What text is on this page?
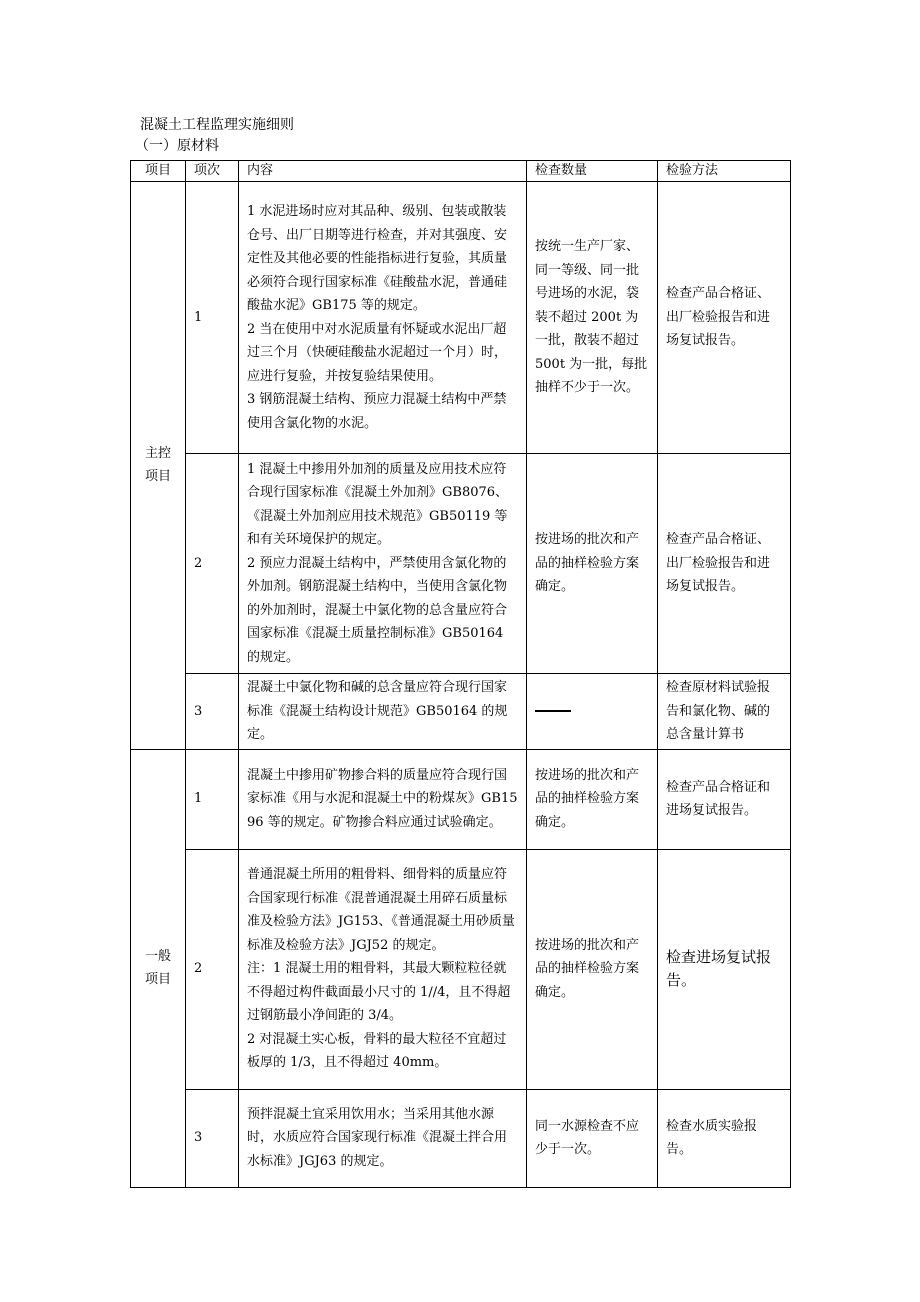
混凝土工程监理实施细则
（一）原材料
项目	项次	内容	检查数量	检验方法
主控
项目	1	1 水泥进场时应对其品种、级别、包装或散装仓号、出厂日期等进行检查，并对其强度、安定性及其他必要的性能指标进行复验，其质量必须符合现行国家标准《硅酸盐水泥，普通硅酸盐水泥》GB175 等的规定。
2 当在使用中对水泥质量有怀疑或水泥出厂超过三个月（快硬硅酸盐水泥超过一个月）时，应进行复验，并按复验结果使用。
3 钢筋混凝土结构、预应力混凝土结构中严禁使用含氯化物的水泥。	按统一生产厂家、同一等级、同一批号进场的水泥，袋装不超过 200t 为一批，散装不超过 500t 为一批，每批抽样不少于一次。	检查产品合格证、出厂检验报告和进场复试报告。
	2	1 混凝土中掺用外加剂的质量及应用技术应符合现行国家标准《混凝土外加剂》GB8076、《混凝土外加剂应用技术规范》GB50119 等和有关环境保护的规定。
2 预应力混凝土结构中，严禁使用含氯化物的外加剂。钢筋混凝土结构中，当使用含氯化物的外加剂时，混凝土中氯化物的总含量应符合国家标准《混凝土质量控制标准》GB50164 的规定。	按进场的批次和产品的抽样检验方案确定。	检查产品合格证、出厂检验报告和进场复试报告。
	3	混凝土中氯化物和碱的总含量应符合现行国家标准《混凝土结构设计规范》GB50164 的规定。		检查原材料试验报告和氯化物、碱的总含量计算书
一般
项目	1	混凝土中掺用矿物掺合料的质量应符合现行国家标准《用与水泥和混凝土中的粉煤灰》GB1596 等的规定。矿物掺合料应通过试验确定。	按进场的批次和产品的抽样检验方案确定。	检查产品合格证和进场复试报告。
	2	普通混凝土所用的粗骨料、细骨料的质量应符合国家现行标准《混普通混凝土用碎石质量标准及检验方法》JG153、《普通混凝土用砂质量标准及检验方法》JGJ52 的规定。
注：1 混凝土用的粗骨料，其最大颗粒粒径就不得超过构件截面最小尺寸的 1//4，且不得超过钢筋最小净间距的 3/4。
2 对混凝土实心板，骨料的最大粒径不宜超过板厚的 1/3，且不得超过 40mm。	按进场的批次和产品的抽样检验方案确定。	检查进场复试报告。
	3	预拌混凝土宜采用饮用水；当采用其他水源时，水质应符合国家现行标准《混凝土拌合用水标准》JGJ63 的规定。	同一水源检查不应少于一次。	检查水质实验报告。
